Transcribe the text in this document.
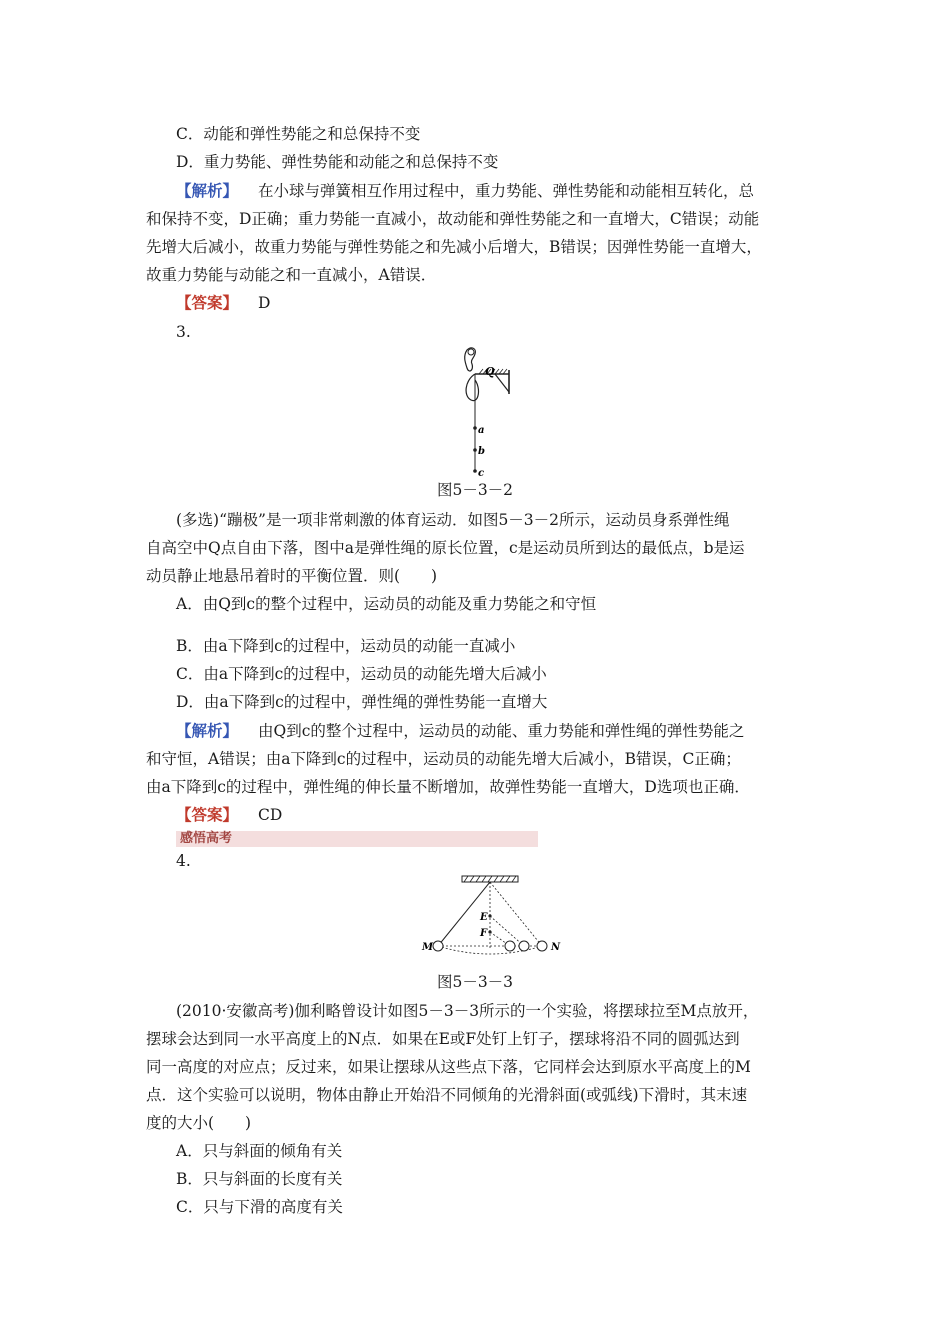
C．动能和弹性势能之和总保持不变
D．重力势能、弹性势能和动能之和总保持不变
【解析】 在小球与弹簧相互作用过程中，重力势能、弹性势能和动能相互转化，总
和保持不变，D正确；重力势能一直减小，故动能和弹性势能之和一直增大，C错误；动能
先增大后减小，故重力势能与弹性势能之和先减小后增大，B错误；因弹性势能一直增大，
故重力势能与动能之和一直减小，A错误．
【答案】 D
3.
Q
a
b
c
图5－3－2
(多选)“蹦极”是一项非常刺激的体育运动．如图5－3－2所示，运动员身系弹性绳
自高空中Q点自由下落，图中a是弹性绳的原长位置，c是运动员所到达的最低点，b是运
动员静止地悬吊着时的平衡位置．则(　　)
A．由Q到c的整个过程中，运动员的动能及重力势能之和守恒
B．由a下降到c的过程中，运动员的动能一直减小
C．由a下降到c的过程中，运动员的动能先增大后减小
D．由a下降到c的过程中，弹性绳的弹性势能一直增大
【解析】 由Q到c的整个过程中，运动员的动能、重力势能和弹性绳的弹性势能之
和守恒，A错误；由a下降到c的过程中，运动员的动能先增大后减小，B错误，C正确；
由a下降到c的过程中，弹性绳的伸长量不断增加，故弹性势能一直增大，D选项也正确．
【答案】 CD
感悟高考
4.
E
F
M	N
图5－3－3
(2010·安徽高考)伽利略曾设计如图5－3－3所示的一个实验，将摆球拉至M点放开，
摆球会达到同一水平高度上的N点．如果在E或F处钉上钉子，摆球将沿不同的圆弧达到
同一高度的对应点；反过来，如果让摆球从这些点下落，它同样会达到原水平高度上的M
点．这个实验可以说明，物体由静止开始沿不同倾角的光滑斜面(或弧线)下滑时，其末速
度的大小(　　)
A．只与斜面的倾角有关
B．只与斜面的长度有关
C．只与下滑的高度有关
